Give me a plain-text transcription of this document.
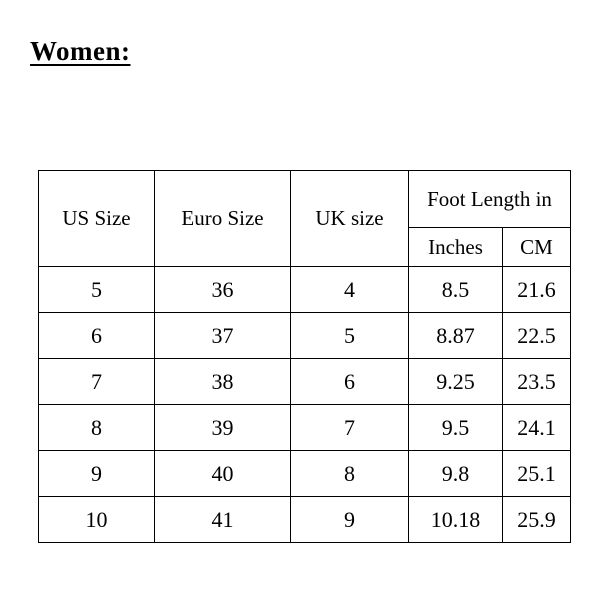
Women:
US Size	Euro Size	UK size	Foot Length in	
			Inches	CM
5	36	4	8.5	21.6
6	37	5	8.87	22.5
7	38	6	9.25	23.5
8	39	7	9.5	24.1
9	40	8	9.8	25.1
10	41	9	10.18	25.9
